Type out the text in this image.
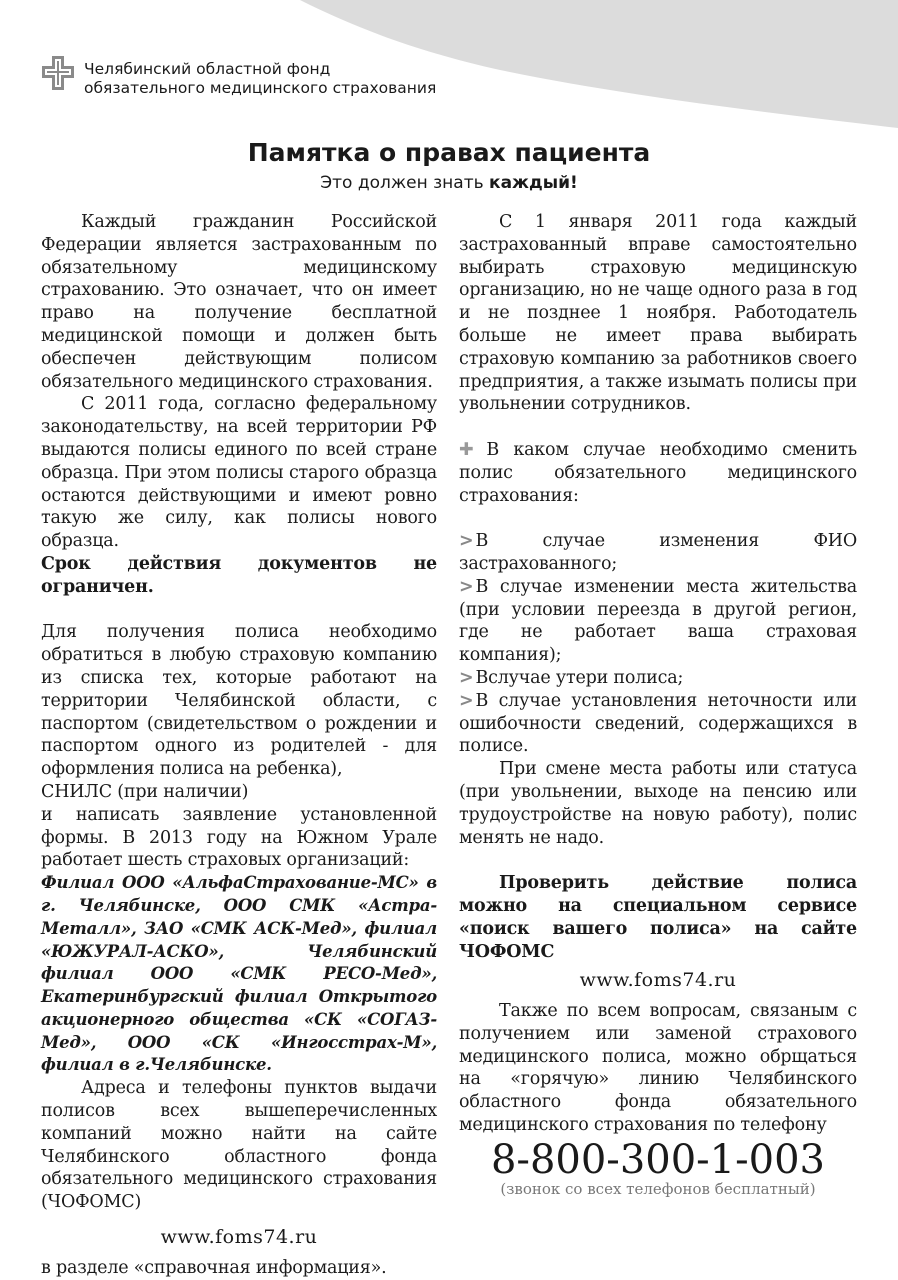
Челябинский областной фонд
обязательного медицинского страхования
Памятка о правах пациента
Это должен знать каждый!

Каждый гражданин Российской Федерации является застрахованным по обязательному медицинскому страхованию. Это означает, что он имеет право на получение бесплатной медицинской помощи и должен быть обеспечен действующим полисом обязательного медицинского страхования.

С 2011 года, согласно федеральному законодательству, на всей территории РФ выдаются полисы единого по всей стране образца. При этом полисы старого образца остаются действующими и имеют ровно такую же силу, как полисы нового образца.

Срок действия документов не ограничен.

Для получения полиса необходимо обратиться в любую страховую компанию из списка тех, которые работают на территории Челябинской области, с паспортом (свидетельством о рождении и паспортом одного из родителей - для оформления полиса на ребенка),

СНИЛС (при наличии)

и написать заявление установленной формы. В 2013 году на Южном Урале работает шесть страховых организаций:

Филиал ООО «АльфаСтрахование-МС» в г. Челябинске, ООО СМК «Астра-Металл», ЗАО «СМК АСК-Мед», филиал «ЮЖУРАЛ-АСКО», Челябинский филиал ООО «СМК РЕСО-Мед», Екатеринбургский филиал Открытого акционерного общества «СК «СОГАЗ-Мед», ООО «СК «Ингосстрах-М», филиал в г.Челябинске.

Адреса и телефоны пунктов выдачи полисов всех вышеперечисленных компаний можно найти на сайте Челябинского областного фонда обязательного медицинского страхования (ЧОФОМС)

www.foms74.ru

в разделе «справочная информация».

С 1 января 2011 года каждый застрахованный вправе самостоятельно выбирать страховую медицинскую организацию, но не чаще одного раза в год и не позднее 1 ноября. Работодатель больше не имеет права выбирать страховую компанию за работников своего предприятия, а также изымать полисы при увольнении сотрудников.

✚ В каком случае необходимо сменить полис обязательного медицинского страхования:

> В случае изменения ФИО застрахованного;

> В случае изменении места жительства (при условии переезда в другой регион, где не работает ваша страховая компания);

> Вслучае утери полиса;

> В случае установления неточности или ошибочности сведений, содержащихся в полисе.

При смене места работы или статуса (при увольнении, выходе на пенсию или трудоустройстве на новую работу), полис менять не надо.

Проверить действие полиса можно на специальном сервисе «поиск вашего полиса» на сайте ЧОФОМС

www.foms74.ru

Также по всем вопросам, связаным с получением или заменой страхового медицинского полиса, можно обрщаться на «горячую» линию Челябинского областного фонда обязательного медицинского страхования по телефону

8-800-300-1-003
(звонок со всех телефонов бесплатный)
